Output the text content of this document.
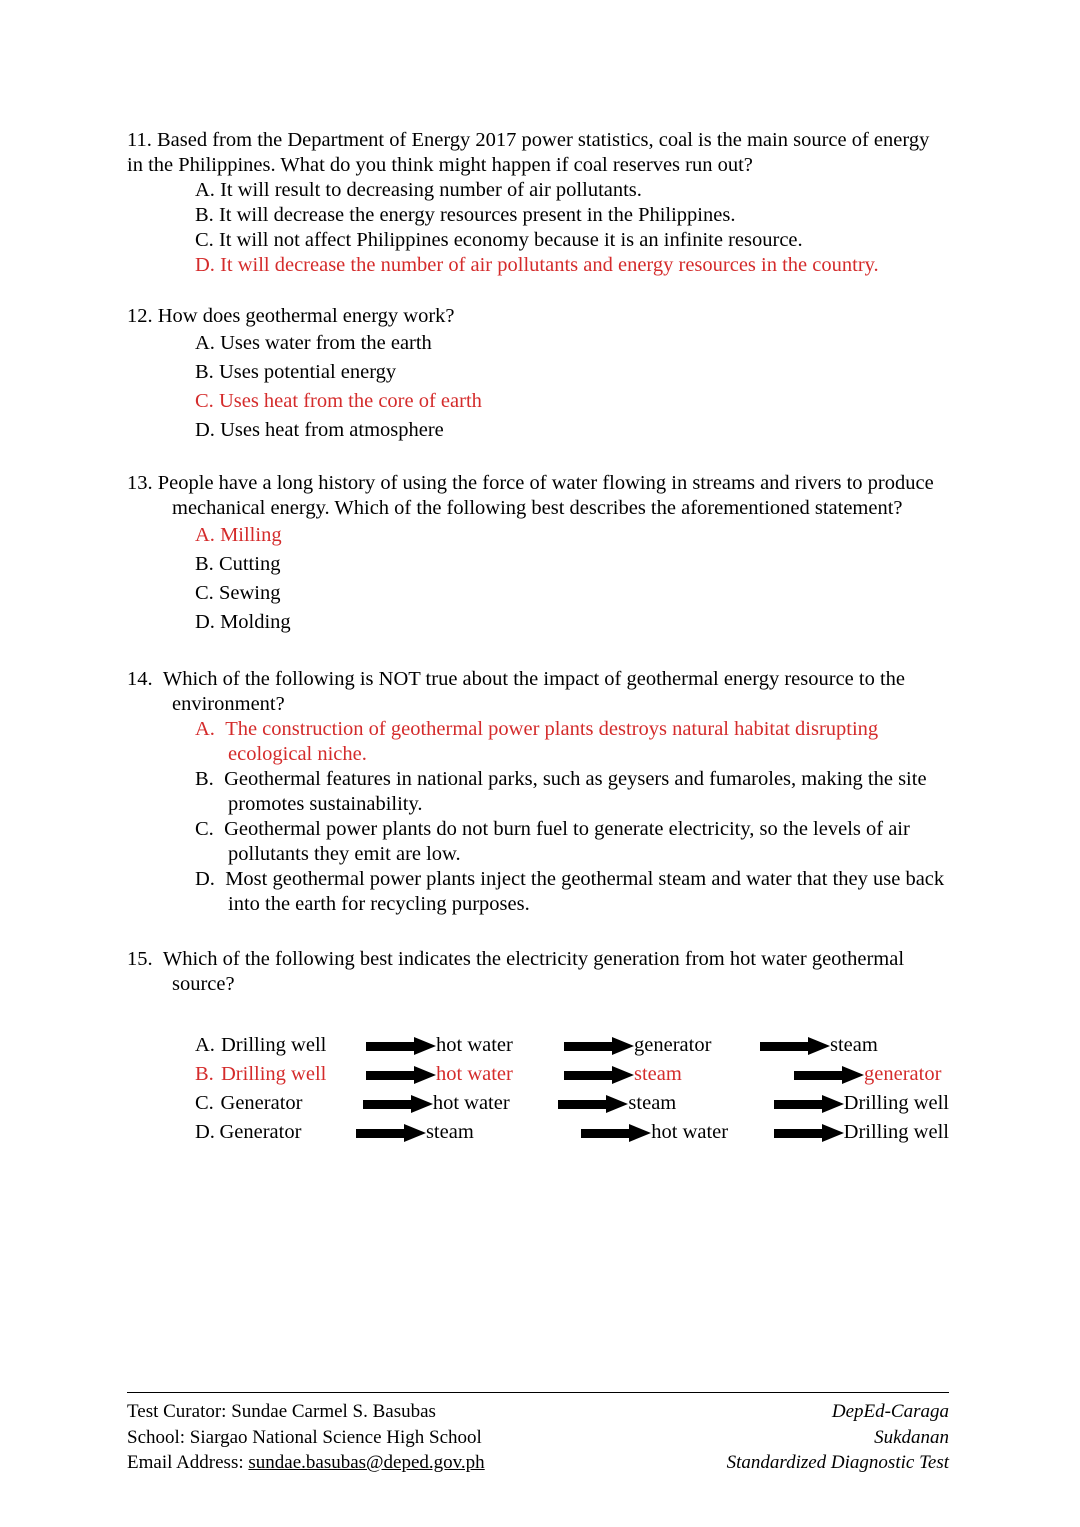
11. Based from the Department of Energy 2017 power statistics, coal is the main source of energy in the Philippines. What do you think might happen if coal reserves run out?
A. It will result to decreasing number of air pollutants.
B. It will decrease the energy resources present in the Philippines.
C. It will not affect Philippines economy because it is an infinite resource.
D. It will decrease the number of air pollutants and energy resources in the country.
12. How does geothermal energy work?
A. Uses water from the earth
B. Uses potential energy
C. Uses heat from the core of earth
D. Uses heat from atmosphere
13. People have a long history of using the force of water flowing in streams and rivers to produce mechanical energy. Which of the following best describes the aforementioned statement?
A. Milling
B. Cutting
C. Sewing
D. Molding
14. Which of the following is NOT true about the impact of geothermal energy resource to the environment?
A. The construction of geothermal power plants destroys natural habitat disrupting ecological niche.
B. Geothermal features in national parks, such as geysers and fumaroles, making the site promotes sustainability.
C. Geothermal power plants do not burn fuel to generate electricity, so the levels of air pollutants they emit are low.
D. Most geothermal power plants inject the geothermal steam and water that they use back into the earth for recycling purposes.
15. Which of the following best indicates the electricity generation from hot water geothermal source?
A. Drilling well	hot water	generator	steam
B. Drilling well	hot water	steam	generator
C. Generator	hot water	steam	Drilling well
D. Generator	steam	hot water	Drilling well
Test Curator: Sundae Carmel S. Basubas
School: Siargao National Science High School
Email Address: sundae.basubas@deped.gov.ph
DepEd-Caraga
Sukdanan
Standardized Diagnostic Test
